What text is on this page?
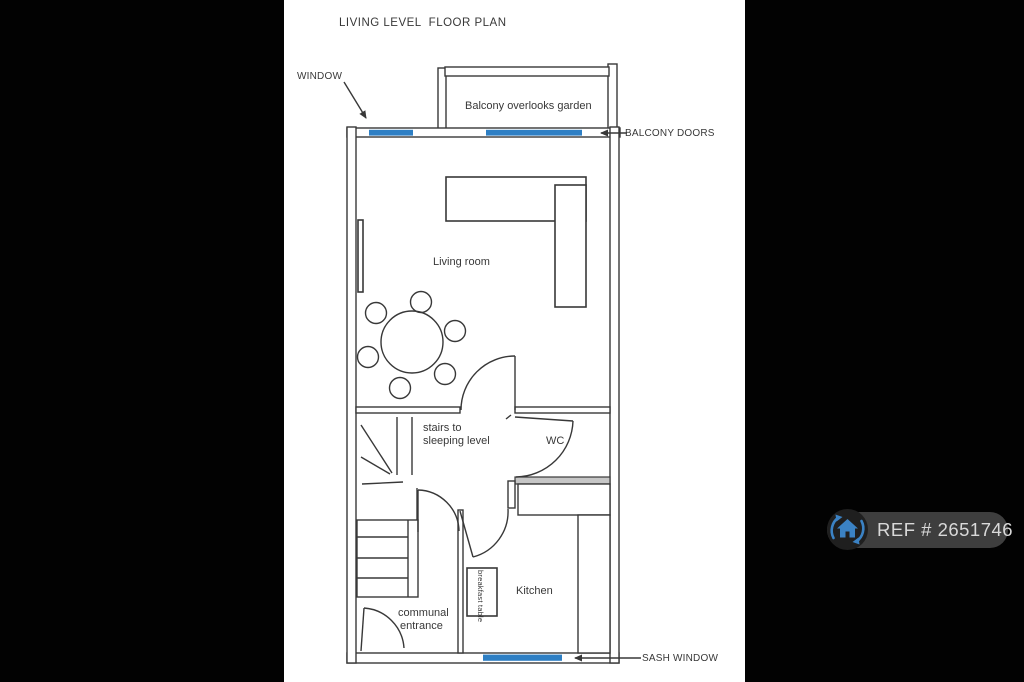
LIVING LEVEL  FLOOR PLAN
WINDOW
Balcony overlooks garden
BALCONY DOORS
Living room
stairs to
sleeping level	WC
Kitchen
breakfast table
communal
entrance
SASH WINDOW
REF # 2651746
